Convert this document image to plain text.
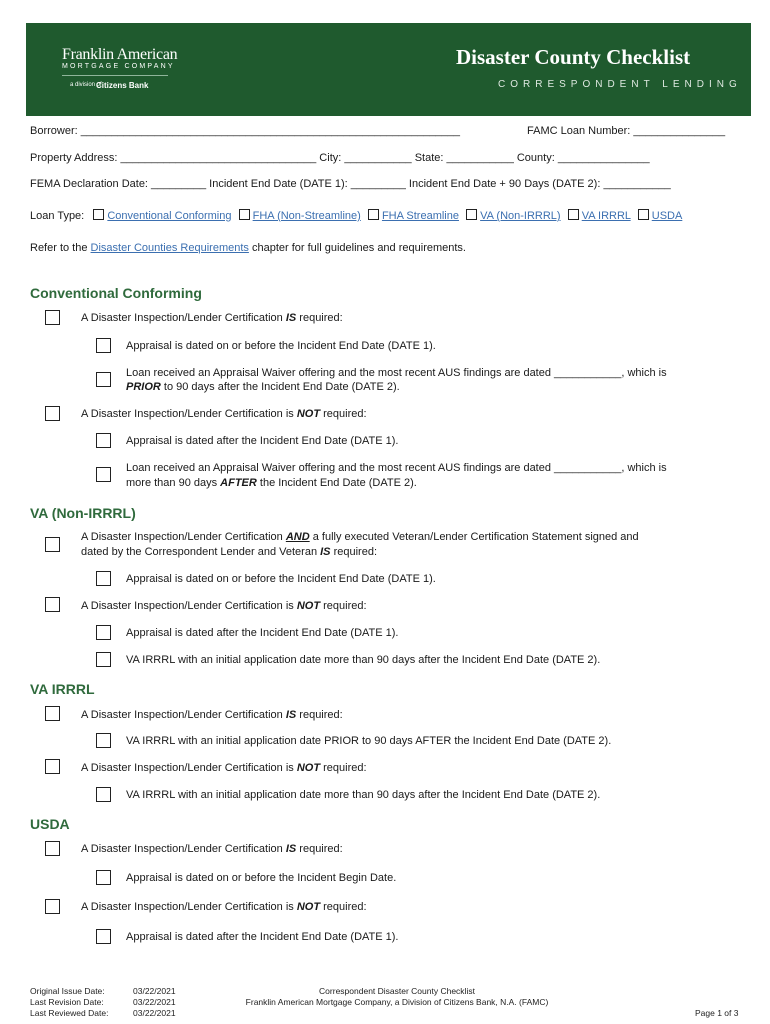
Franklin American
MORTGAGE COMPANY
a division of
Citizens Bank
Disaster County Checklist
CORRESPONDENT LENDING
Borrower: ______________________________________________________________	FAMC Loan Number: _______________
Property Address: ________________________________ City: ___________ State: ___________ County: _______________
FEMA Declaration Date: _________ Incident End Date (DATE 1): _________ Incident End Date + 90 Days (DATE 2): ___________
Loan Type: Conventional Conforming FHA (Non-Streamline) FHA Streamline VA (Non-IRRRL) VA IRRRL USDA
Refer to the Disaster Counties Requirements chapter for full guidelines and requirements.
Conventional Conforming
A Disaster Inspection/Lender Certification IS required:
Appraisal is dated on or before the Incident End Date (DATE 1).
Loan received an Appraisal Waiver offering and the most recent AUS findings are dated ___________, which is
PRIOR to 90 days after the Incident End Date (DATE 2).
A Disaster Inspection/Lender Certification is NOT required:
Appraisal is dated after the Incident End Date (DATE 1).
Loan received an Appraisal Waiver offering and the most recent AUS findings are dated ___________, which is
more than 90 days AFTER the Incident End Date (DATE 2).
VA (Non-IRRRL)
A Disaster Inspection/Lender Certification AND a fully executed Veteran/Lender Certification Statement signed and
dated by the Correspondent Lender and Veteran IS required:
Appraisal is dated on or before the Incident End Date (DATE 1).
A Disaster Inspection/Lender Certification is NOT required:
Appraisal is dated after the Incident End Date (DATE 1).
VA IRRRL with an initial application date more than 90 days after the Incident End Date (DATE 2).
VA IRRRL
A Disaster Inspection/Lender Certification IS required:
VA IRRRL with an initial application date PRIOR to 90 days AFTER the Incident End Date (DATE 2).
A Disaster Inspection/Lender Certification is NOT required:
VA IRRRL with an initial application date more than 90 days after the Incident End Date (DATE 2).
USDA
A Disaster Inspection/Lender Certification IS required:
Appraisal is dated on or before the Incident Begin Date.
A Disaster Inspection/Lender Certification is NOT required:
Appraisal is dated after the Incident End Date (DATE 1).
Original Issue Date:
Last Revision Date:
Last Reviewed Date:
03/22/2021
03/22/2021
03/22/2021
Correspondent Disaster County Checklist
Franklin American Mortgage Company, a Division of Citizens Bank, N.A. (FAMC)
Page 1 of 3
